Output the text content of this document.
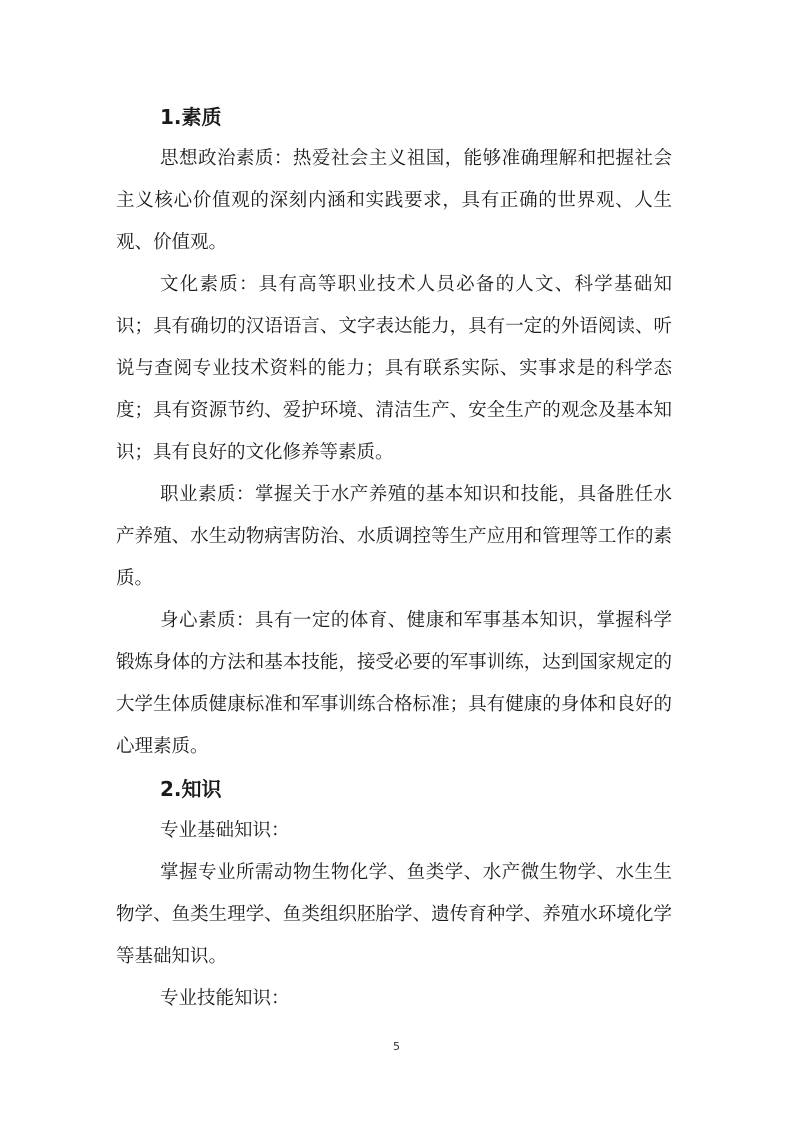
1.素质

思想政治素质：热爱社会主义祖国，能够准确理解和把握社会主义核心价值观的深刻内涵和实践要求，具有正确的世界观、人生观、价值观。

文化素质：具有高等职业技术人员必备的人文、科学基础知识；具有确切的汉语语言、文字表达能力，具有一定的外语阅读、听说与查阅专业技术资料的能力；具有联系实际、实事求是的科学态度；具有资源节约、爱护环境、清洁生产、安全生产的观念及基本知识；具有良好的文化修养等素质。

职业素质：掌握关于水产养殖的基本知识和技能，具备胜任水产养殖、水生动物病害防治、水质调控等生产应用和管理等工作的素质。

身心素质：具有一定的体育、健康和军事基本知识，掌握科学锻炼身体的方法和基本技能，接受必要的军事训练，达到国家规定的大学生体质健康标准和军事训练合格标准；具有健康的身体和良好的心理素质。

2.知识

专业基础知识：

掌握专业所需动物生物化学、鱼类学、水产微生物学、水生生物学、鱼类生理学、鱼类组织胚胎学、遗传育种学、养殖水环境化学等基础知识。

专业技能知识：

5
